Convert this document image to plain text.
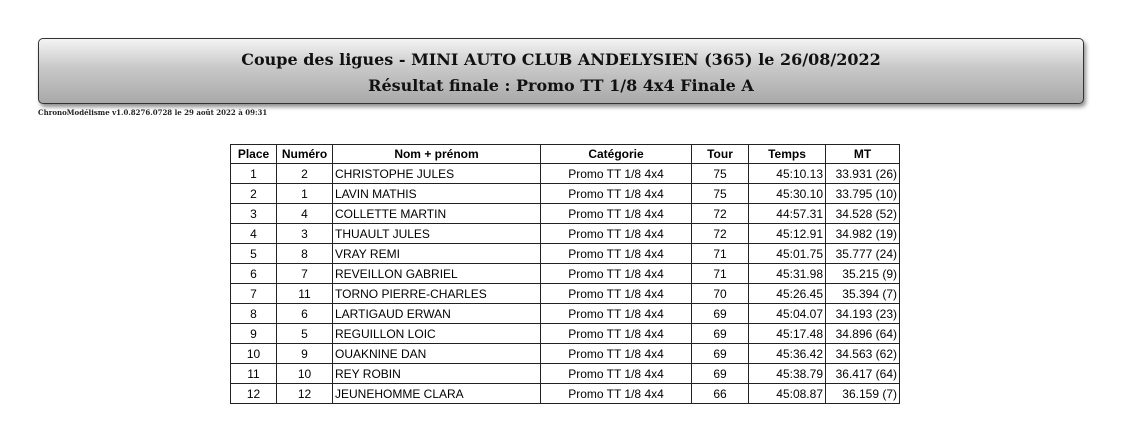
Coupe des ligues - MINI AUTO CLUB ANDELYSIEN (365) le 26/08/2022
Résultat finale : Promo TT 1/8 4x4 Finale A
ChronoModélisme v1.0.8276.0728 le 29 août 2022 à 09:31
Place	Numéro	Nom + prénom	Catégorie	Tour	Temps	MT
1	2	CHRISTOPHE JULES	Promo TT 1/8 4x4	75	45:10.13	33.931 (26)
2	1	LAVIN MATHIS	Promo TT 1/8 4x4	75	45:30.10	33.795 (10)
3	4	COLLETTE MARTIN	Promo TT 1/8 4x4	72	44:57.31	34.528 (52)
4	3	THUAULT JULES	Promo TT 1/8 4x4	72	45:12.91	34.982 (19)
5	8	VRAY REMI	Promo TT 1/8 4x4	71	45:01.75	35.777 (24)
6	7	REVEILLON GABRIEL	Promo TT 1/8 4x4	71	45:31.98	35.215 (9)
7	11	TORNO PIERRE-CHARLES	Promo TT 1/8 4x4	70	45:26.45	35.394 (7)
8	6	LARTIGAUD ERWAN	Promo TT 1/8 4x4	69	45:04.07	34.193 (23)
9	5	REGUILLON LOIC	Promo TT 1/8 4x4	69	45:17.48	34.896 (64)
10	9	OUAKNINE DAN	Promo TT 1/8 4x4	69	45:36.42	34.563 (62)
11	10	REY ROBIN	Promo TT 1/8 4x4	69	45:38.79	36.417 (64)
12	12	JEUNEHOMME CLARA	Promo TT 1/8 4x4	66	45:08.87	36.159 (7)
